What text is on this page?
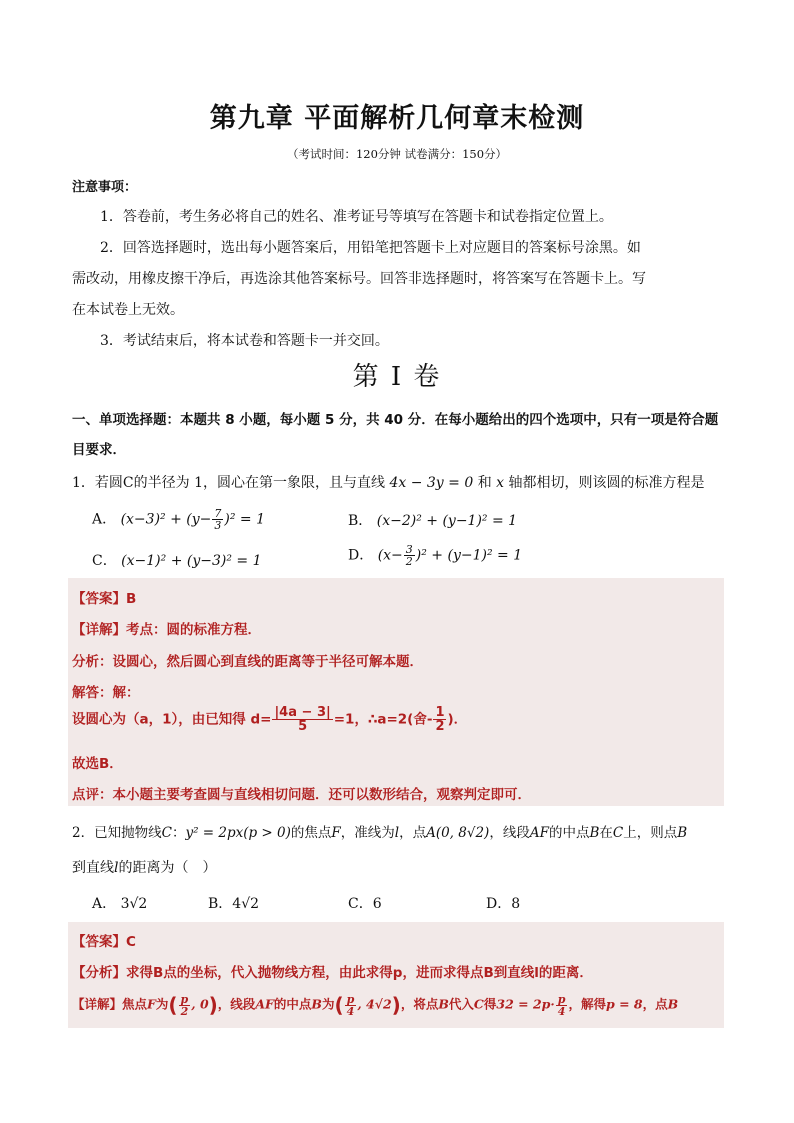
第九章 平面解析几何章末检测
（考试时间：120分钟 试卷满分：150分）
注意事项：
1．答卷前，考生务必将自己的姓名、准考证号等填写在答题卡和试卷指定位置上。
2．回答选择题时，选出每小题答案后，用铅笔把答题卡上对应题目的答案标号涂黑。如
需改动，用橡皮擦干净后，再选涂其他答案标号。回答非选择题时，将答案写在答题卡上。写
在本试卷上无效。
3．考试结束后，将本试卷和答题卡一并交回。
第 I 卷
一、单项选择题：本题共 8 小题，每小题 5 分，共 40 分．在每小题给出的四个选项中，只有一项是符合题
目要求．
1．若圆C的半径为 1，圆心在第一象限，且与直线 4x − 3y = 0 和 x 轴都相切，则该圆的标准方程是
A． $(x-3)^2 + (y- \frac{7}{3} )^2 = 1$	B． (x−2)² + (y−1)² = 1
C． (x−1)² + (y−3)² = 1	D． $(x- \frac{3}{2} )^2 + (y-1)^2 = 1$
【答案】B
【详解】考点：圆的标准方程．
分析：设圆心，然后圆心到直线的距离等于半径可解本题．
解答：解：
设圆心为（a，1），由已知得 $d= \frac{|4a - 3|}{5} =1$，∴a=2(舍- $\frac{1}{2}$ )．
故选B．
点评：本小题主要考查圆与直线相切问题．还可以数形结合，观察判定即可．
2．已知抛物线C：y² = 2px(p > 0)的焦点F，准线为l，点A(0, 8√2)，线段AF的中点B在C上，则点B
到直线l的距离为（　）
A． 3√2	B．4√2	C．6	D．8
【答案】C
【分析】求得B点的坐标，代入抛物线方程，由此求得p，进而求得点B到直线l的距离．
【详解】焦点F为( $\frac{p}{2}$ , 0)，线段AF的中点B为( $\frac{p}{4}$ , 4√2)，将点B代入C得$32 = 2p\cdot \frac{p}{4}$ ，解得p = 8，点B
